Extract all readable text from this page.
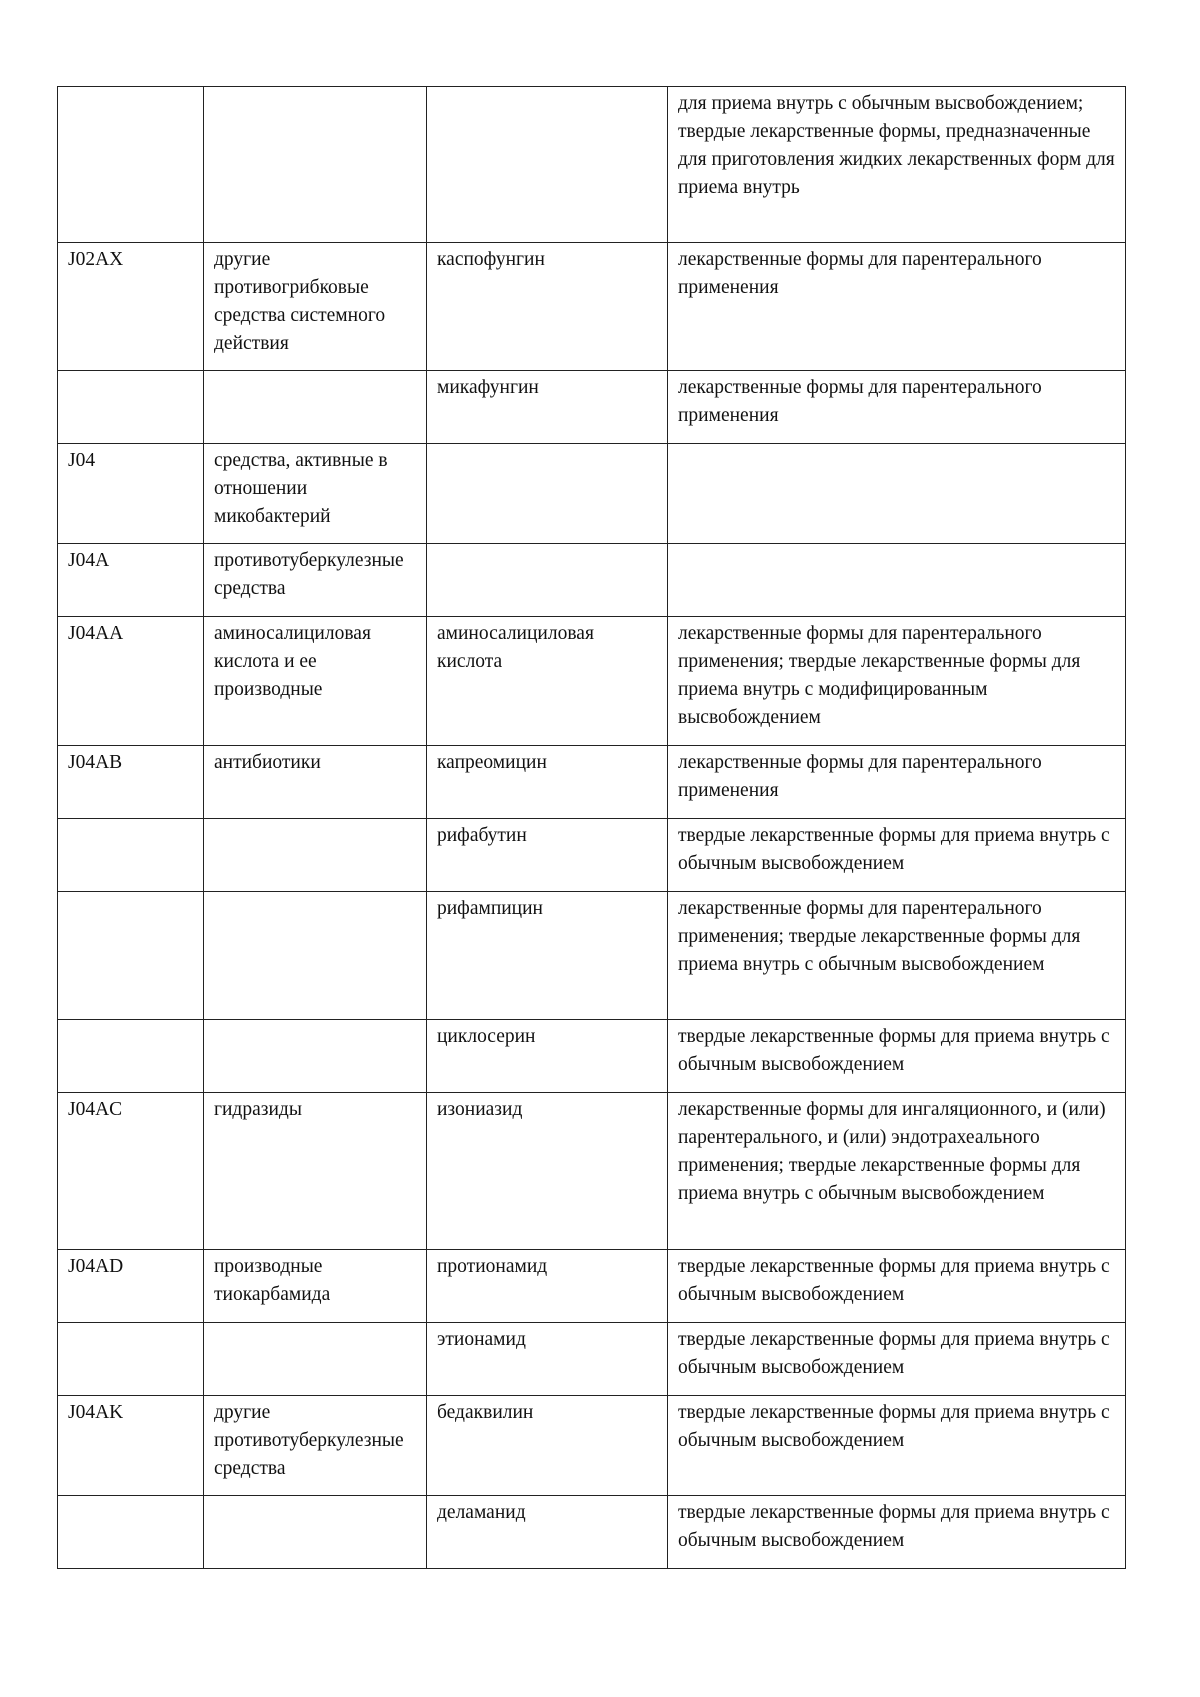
			для приема внутрь с обычным высвобождением; твердые лекарственные формы, предназначенные для приготовления жидких лекарственных форм для приема внутрь
J02AX	другие противогрибковые средства системного действия	каспофунгин	лекарственные формы для парентерального применения
		микафунгин	лекарственные формы для парентерального применения
J04	средства, активные в отношении микобактерий		
J04A	противотуберкулезные средства		
J04AA	аминосалициловая кислота и ее производные	аминосалициловая кислота	лекарственные формы для парентерального применения; твердые лекарственные формы для приема внутрь с модифицированным высвобождением
J04AB	антибиотики	капреомицин	лекарственные формы для парентерального применения
		рифабутин	твердые лекарственные формы для приема внутрь с обычным высвобождением
		рифампицин	лекарственные формы для парентерального применения; твердые лекарственные формы для приема внутрь с обычным высвобождением
		циклосерин	твердые лекарственные формы для приема внутрь с обычным высвобождением
J04AC	гидразиды	изониазид	лекарственные формы для ингаляционного, и (или) парентерального, и (или) эндотрахеального применения; твердые лекарственные формы для приема внутрь с обычным высвобождением
J04AD	производные тиокарбамида	протионамид	твердые лекарственные формы для приема внутрь с обычным высвобождением
		этионамид	твердые лекарственные формы для приема внутрь с обычным высвобождением
J04AK	другие противотуберкулезные средства	бедаквилин	твердые лекарственные формы для приема внутрь с обычным высвобождением
		деламанид	твердые лекарственные формы для приема внутрь с обычным высвобождением
